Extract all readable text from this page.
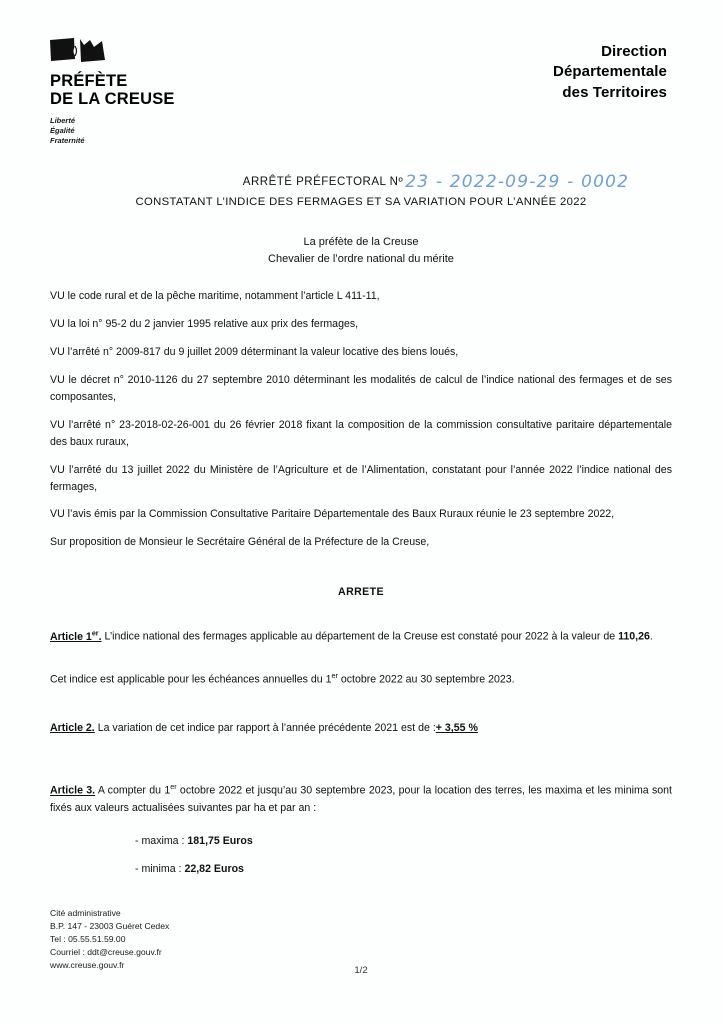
PRÉFÈTE
DE LA CREUSE
Liberté
Égalité
Fraternité
Direction
Départementale
des Territoires
ARRÊTÉ PRÉFECTORAL Nº 23 - 2022-09-29 - 0002
CONSTATANT L’INDICE DES FERMAGES ET SA VARIATION POUR L’ANNÉE 2022
La préfète de la Creuse
Chevalier de l’ordre national du mérite
VU le code rural et de la pêche maritime, notamment l’article L 411-11,
VU la loi n° 95-2 du 2 janvier 1995 relative aux prix des fermages,
VU l’arrêté n° 2009-817 du 9 juillet 2009 déterminant la valeur locative des biens loués,
VU le décret n° 2010-1126 du 27 septembre 2010 déterminant les modalités de calcul de l’indice national des fermages et de ses composantes,
VU l’arrêté n° 23-2018-02-26-001 du 26 février 2018 fixant la composition de la commission consultative paritaire départementale des baux ruraux,
VU l’arrêté du 13 juillet 2022 du Ministère de l’Agriculture et de l’Alimentation, constatant pour l’année 2022 l’indice national des fermages,
VU l’avis émis par la Commission Consultative Paritaire Départementale des Baux Ruraux réunie le 23 septembre 2022,
Sur proposition de Monsieur le Secrétaire Général de la Préfecture de la Creuse,
ARRETE
Article 1er. L’indice national des fermages applicable au département de la Creuse est constaté pour 2022 à la valeur de 110,26.
Cet indice est applicable pour les échéances annuelles du 1er octobre 2022 au 30 septembre 2023.
Article 2. La variation de cet indice par rapport à l’année précédente 2021 est de :+ 3,55 %
Article 3. A compter du 1er octobre 2022 et jusqu’au 30 septembre 2023, pour la location des terres, les maxima et les minima sont fixés aux valeurs actualisées suivantes par ha et par an :
- maxima : 181,75 Euros
- minima : 22,82 Euros
Cité administrative
B.P. 147 - 23003 Guéret Cedex
Tel : 05.55.51.59.00
Courriel : ddt@creuse.gouv.fr
www.creuse.gouv.fr
1/2
